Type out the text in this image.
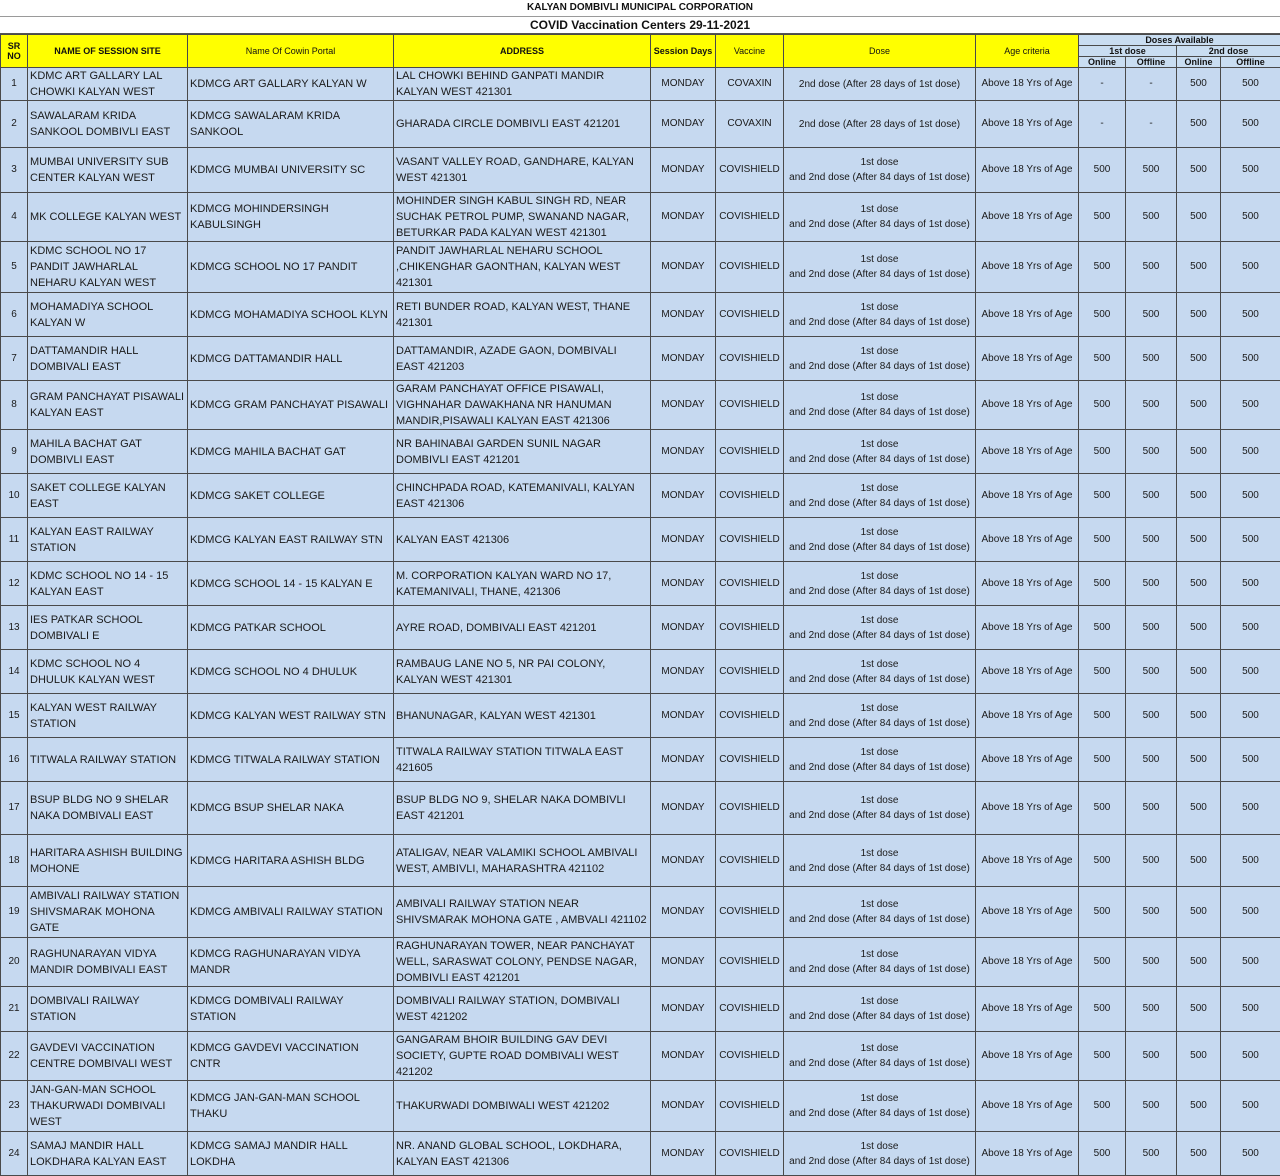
KALYAN DOMBIVLI MUNICIPAL CORPORATION
COVID Vaccination Centers 29-11-2021
SR NO	NAME OF SESSION SITE	Name Of Cowin Portal	ADDRESS	Session Days	Vaccine	Dose	Age criteria	Doses Available			
								1st dose		2nd dose	
								Online	Offline	Online	Offline
1	KDMC ART GALLARY LAL CHOWKI KALYAN WEST	KDMCG ART GALLARY KALYAN W	LAL CHOWKI BEHIND GANPATI MANDIR KALYAN WEST 421301	MONDAY	COVAXIN	2nd dose (After 28 days of 1st dose)	Above 18 Yrs of Age	-	-	500	500
2	SAWALARAM KRIDA SANKOOL DOMBIVLI EAST	KDMCG SAWALARAM KRIDA SANKOOL	GHARADA CIRCLE DOMBIVLI EAST 421201	MONDAY	COVAXIN	2nd dose (After 28 days of 1st dose)	Above 18 Yrs of Age	-	-	500	500
3	MUMBAI UNIVERSITY SUB CENTER KALYAN WEST	KDMCG MUMBAI UNIVERSITY SC	VASANT VALLEY ROAD, GANDHARE, KALYAN WEST 421301	MONDAY	COVISHIELD	1st dose
and 2nd dose (After 84 days of 1st dose)	Above 18 Yrs of Age	500	500	500	500
4	MK COLLEGE KALYAN WEST	KDMCG MOHINDERSINGH KABULSINGH	MOHINDER SINGH KABUL SINGH RD, NEAR SUCHAK PETROL PUMP, SWANAND NAGAR, BETURKAR PADA KALYAN WEST 421301	MONDAY	COVISHIELD	1st dose
and 2nd dose (After 84 days of 1st dose)	Above 18 Yrs of Age	500	500	500	500
5	KDMC SCHOOL NO 17 PANDIT JAWHARLAL NEHARU KALYAN WEST	KDMCG SCHOOL NO 17 PANDIT	PANDIT JAWHARLAL NEHARU SCHOOL ,CHIKENGHAR GAONTHAN, KALYAN WEST 421301	MONDAY	COVISHIELD	1st dose
and 2nd dose (After 84 days of 1st dose)	Above 18 Yrs of Age	500	500	500	500
6	MOHAMADIYA SCHOOL KALYAN W	KDMCG MOHAMADIYA SCHOOL KLYN	RETI BUNDER ROAD, KALYAN WEST, THANE 421301	MONDAY	COVISHIELD	1st dose
and 2nd dose (After 84 days of 1st dose)	Above 18 Yrs of Age	500	500	500	500
7	DATTAMANDIR HALL DOMBIVALI EAST	KDMCG DATTAMANDIR HALL	DATTAMANDIR, AZADE GAON, DOMBIVALI EAST 421203	MONDAY	COVISHIELD	1st dose
and 2nd dose (After 84 days of 1st dose)	Above 18 Yrs of Age	500	500	500	500
8	GRAM PANCHAYAT PISAWALI KALYAN EAST	KDMCG GRAM PANCHAYAT PISAWALI	GARAM PANCHAYAT OFFICE PISAWALI, VIGHNAHAR DAWAKHANA NR HANUMAN MANDIR,PISAWALI KALYAN EAST 421306	MONDAY	COVISHIELD	1st dose
and 2nd dose (After 84 days of 1st dose)	Above 18 Yrs of Age	500	500	500	500
9	MAHILA BACHAT GAT DOMBIVLI EAST	KDMCG MAHILA BACHAT GAT	NR BAHINABAI GARDEN SUNIL NAGAR DOMBIVLI EAST 421201	MONDAY	COVISHIELD	1st dose
and 2nd dose (After 84 days of 1st dose)	Above 18 Yrs of Age	500	500	500	500
10	SAKET COLLEGE KALYAN EAST	KDMCG SAKET COLLEGE	CHINCHPADA ROAD, KATEMANIVALI, KALYAN EAST 421306	MONDAY	COVISHIELD	1st dose
and 2nd dose (After 84 days of 1st dose)	Above 18 Yrs of Age	500	500	500	500
11	KALYAN EAST RAILWAY STATION	KDMCG KALYAN EAST RAILWAY STN	KALYAN EAST 421306	MONDAY	COVISHIELD	1st dose
and 2nd dose (After 84 days of 1st dose)	Above 18 Yrs of Age	500	500	500	500
12	KDMC SCHOOL NO 14 - 15 KALYAN EAST	KDMCG SCHOOL 14 - 15 KALYAN E	M. CORPORATION KALYAN WARD NO 17, KATEMANIVALI, THANE, 421306	MONDAY	COVISHIELD	1st dose
and 2nd dose (After 84 days of 1st dose)	Above 18 Yrs of Age	500	500	500	500
13	IES PATKAR SCHOOL DOMBIVALI E	KDMCG PATKAR SCHOOL	AYRE ROAD, DOMBIVALI EAST 421201	MONDAY	COVISHIELD	1st dose
and 2nd dose (After 84 days of 1st dose)	Above 18 Yrs of Age	500	500	500	500
14	KDMC SCHOOL NO 4 DHULUK KALYAN WEST	KDMCG SCHOOL NO 4 DHULUK	RAMBAUG LANE NO 5, NR PAI COLONY, KALYAN WEST 421301	MONDAY	COVISHIELD	1st dose
and 2nd dose (After 84 days of 1st dose)	Above 18 Yrs of Age	500	500	500	500
15	KALYAN WEST RAILWAY STATION	KDMCG KALYAN WEST RAILWAY STN	BHANUNAGAR, KALYAN WEST 421301	MONDAY	COVISHIELD	1st dose
and 2nd dose (After 84 days of 1st dose)	Above 18 Yrs of Age	500	500	500	500
16	TITWALA RAILWAY STATION	KDMCG TITWALA RAILWAY STATION	TITWALA RAILWAY STATION TITWALA EAST 421605	MONDAY	COVISHIELD	1st dose
and 2nd dose (After 84 days of 1st dose)	Above 18 Yrs of Age	500	500	500	500
17	BSUP BLDG NO 9 SHELAR NAKA DOMBIVALI EAST	KDMCG BSUP SHELAR NAKA	BSUP BLDG NO 9, SHELAR NAKA DOMBIVLI EAST 421201	MONDAY	COVISHIELD	1st dose
and 2nd dose (After 84 days of 1st dose)	Above 18 Yrs of Age	500	500	500	500
18	HARITARA ASHISH BUILDING MOHONE	KDMCG HARITARA ASHISH BLDG	ATALIGAV, NEAR VALAMIKI SCHOOL AMBIVALI WEST, AMBIVLI, MAHARASHTRA 421102	MONDAY	COVISHIELD	1st dose
and 2nd dose (After 84 days of 1st dose)	Above 18 Yrs of Age	500	500	500	500
19	AMBIVALI RAILWAY STATION SHIVSMARAK MOHONA GATE	KDMCG AMBIVALI RAILWAY STATION	AMBIVALI RAILWAY STATION NEAR SHIVSMARAK MOHONA GATE , AMBVALI 421102	MONDAY	COVISHIELD	1st dose
and 2nd dose (After 84 days of 1st dose)	Above 18 Yrs of Age	500	500	500	500
20	RAGHUNARAYAN VIDYA MANDIR DOMBIVALI EAST	KDMCG RAGHUNARAYAN VIDYA MANDR	RAGHUNARAYAN TOWER, NEAR PANCHAYAT WELL, SARASWAT COLONY, PENDSE NAGAR, DOMBIVLI EAST 421201	MONDAY	COVISHIELD	1st dose
and 2nd dose (After 84 days of 1st dose)	Above 18 Yrs of Age	500	500	500	500
21	DOMBIVALI RAILWAY STATION	KDMCG DOMBIVALI RAILWAY STATION	DOMBIVALI RAILWAY STATION, DOMBIVALI WEST 421202	MONDAY	COVISHIELD	1st dose
and 2nd dose (After 84 days of 1st dose)	Above 18 Yrs of Age	500	500	500	500
22	GAVDEVI VACCINATION CENTRE DOMBIVALI WEST	KDMCG GAVDEVI VACCINATION CNTR	GANGARAM BHOIR BUILDING GAV DEVI SOCIETY, GUPTE ROAD DOMBIVALI WEST 421202	MONDAY	COVISHIELD	1st dose
and 2nd dose (After 84 days of 1st dose)	Above 18 Yrs of Age	500	500	500	500
23	JAN-GAN-MAN SCHOOL THAKURWADI DOMBIVALI WEST	KDMCG JAN-GAN-MAN SCHOOL THAKU	THAKURWADI DOMBIWALI WEST 421202	MONDAY	COVISHIELD	1st dose
and 2nd dose (After 84 days of 1st dose)	Above 18 Yrs of Age	500	500	500	500
24	SAMAJ MANDIR HALL LOKDHARA KALYAN EAST	KDMCG SAMAJ MANDIR HALL LOKDHA	NR. ANAND GLOBAL SCHOOL, LOKDHARA, KALYAN EAST 421306	MONDAY	COVISHIELD	1st dose
and 2nd dose (After 84 days of 1st dose)	Above 18 Yrs of Age	500	500	500	500
